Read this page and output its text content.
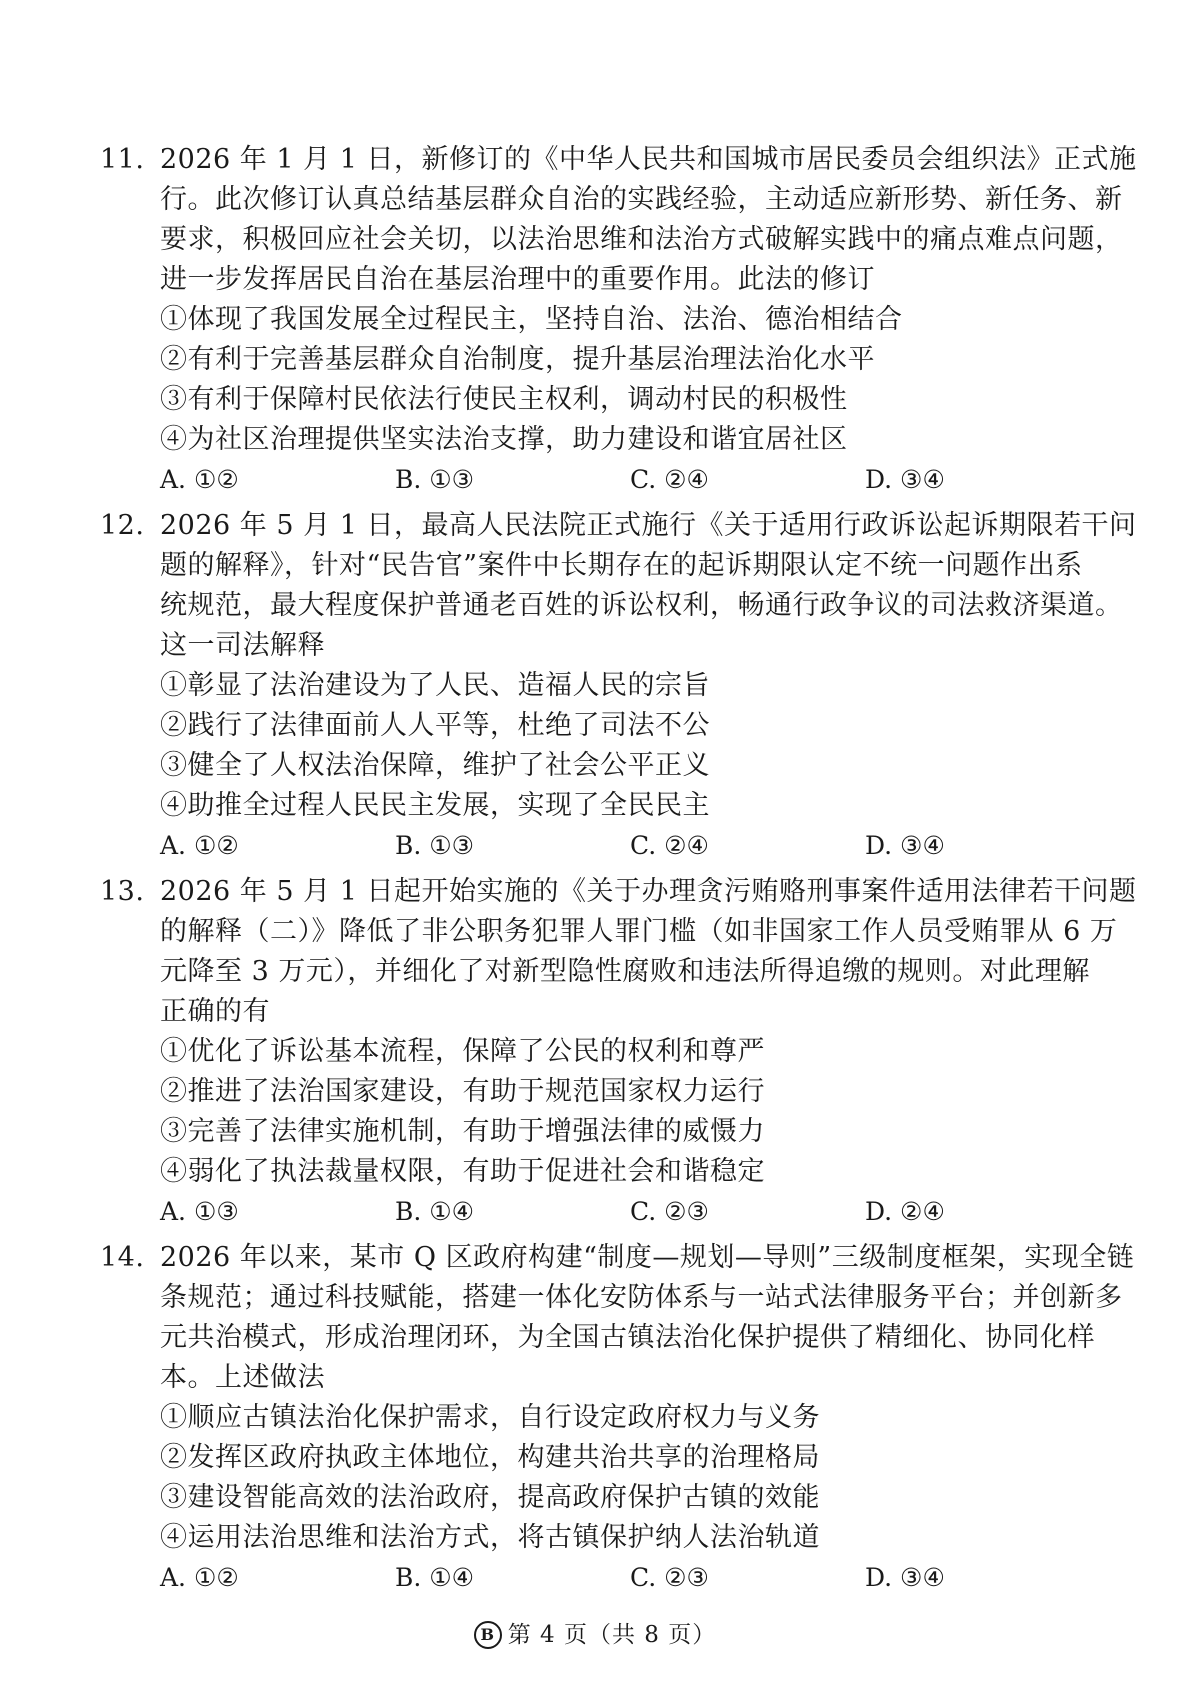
11. 2026 年 1 月 1 日，新修订的《中华人民共和国城市居民委员会组织法》正式施
行。此次修订认真总结基层群众自治的实践经验，主动适应新形势、新任务、新
要求，积极回应社会关切，以法治思维和法治方式破解实践中的痛点难点问题，
进一步发挥居民自治在基层治理中的重要作用。此法的修订
①体现了我国发展全过程民主，坚持自治、法治、德治相结合
②有利于完善基层群众自治制度，提升基层治理法治化水平
③有利于保障村民依法行使民主权利，调动村民的积极性
④为社区治理提供坚实法治支撑，助力建设和谐宜居社区
A. ①②	B. ①③	C. ②④	D. ③④
12. 2026 年 5 月 1 日，最高人民法院正式施行《关于适用行政诉讼起诉期限若干问
题的解释》，针对“民告官”案件中长期存在的起诉期限认定不统一问题作出系
统规范，最大程度保护普通老百姓的诉讼权利，畅通行政争议的司法救济渠道。
这一司法解释
①彰显了法治建设为了人民、造福人民的宗旨
②践行了法律面前人人平等，杜绝了司法不公
③健全了人权法治保障，维护了社会公平正义
④助推全过程人民民主发展，实现了全民民主
A. ①②	B. ①③	C. ②④	D. ③④
13. 2026 年 5 月 1 日起开始实施的《关于办理贪污贿赂刑事案件适用法律若干问题
的解释（二）》降低了非公职务犯罪人罪门槛（如非国家工作人员受贿罪从 6 万
元降至 3 万元），并细化了对新型隐性腐败和违法所得追缴的规则。对此理解
正确的有
①优化了诉讼基本流程，保障了公民的权利和尊严
②推进了法治国家建设，有助于规范国家权力运行
③完善了法律实施机制，有助于增强法律的威慑力
④弱化了执法裁量权限，有助于促进社会和谐稳定
A. ①③	B. ①④	C. ②③	D. ②④
14. 2026 年以来，某市 Q 区政府构建“制度—规划—导则”三级制度框架，实现全链
条规范；通过科技赋能，搭建一体化安防体系与一站式法律服务平台；并创新多
元共治模式，形成治理闭环，为全国古镇法治化保护提供了精细化、协同化样
本。上述做法
①顺应古镇法治化保护需求，自行设定政府权力与义务
②发挥区政府执政主体地位，构建共治共享的治理格局
③建设智能高效的法治政府，提高政府保护古镇的效能
④运用法治思维和法治方式，将古镇保护纳人法治轨道
A. ①②	B. ①④	C. ②③	D. ③④
B 第 4 页（共 8 页）
